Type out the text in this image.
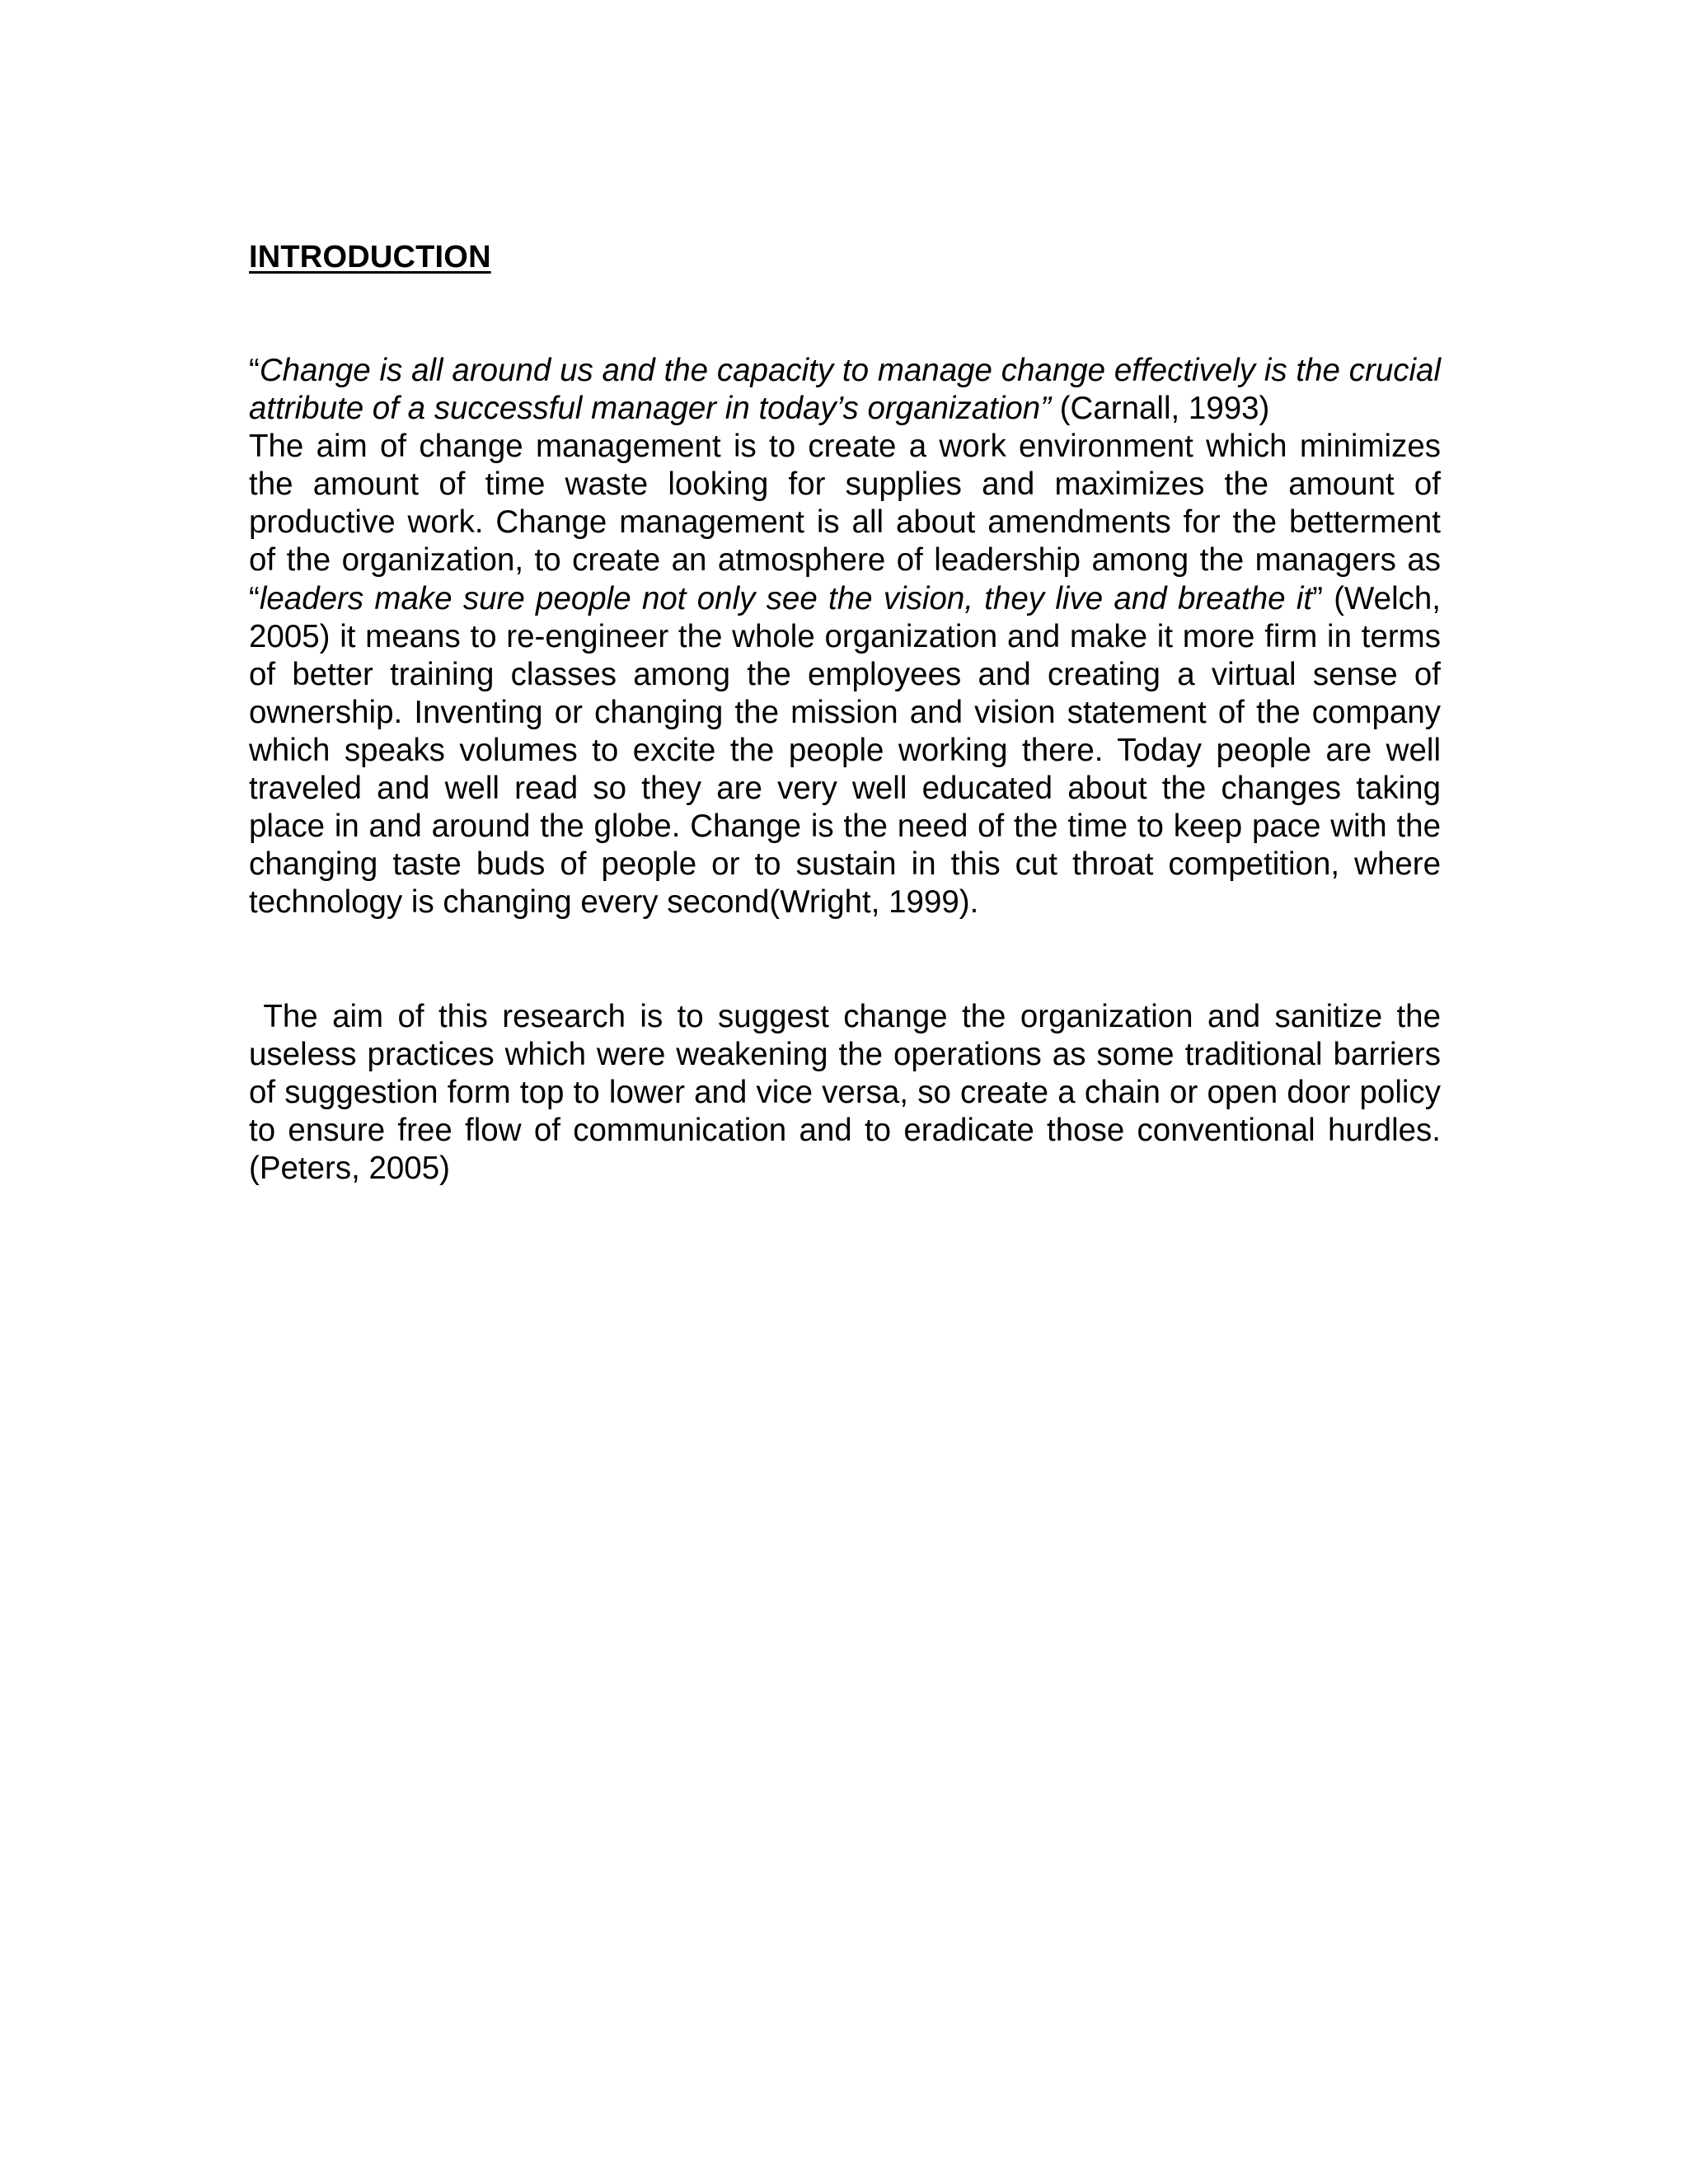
INTRODUCTION

“Change is all around us and the capacity to manage change effectively is the crucial attribute of a successful manager in today’s organization” (Carnall, 1993)
The aim of change management is to create a work environment which minimizes the amount of time waste looking for supplies and maximizes the amount of productive work. Change management is all about amendments for the betterment of the organization, to create an atmosphere of leadership among the managers as “leaders make sure people not only see the vision, they live and breathe it” (Welch, 2005) it means to re-engineer the whole organization and make it more firm in terms of better training classes among the employees and creating a virtual sense of ownership. Inventing or changing the mission and vision statement of the company which speaks volumes to excite the people working there. Today people are well traveled and well read so they are very well educated about the changes taking place in and around the globe. Change is the need of the time to keep pace with the changing taste buds of people or to sustain in this cut throat competition, where technology is changing every second(Wright, 1999).

The aim of this research is to suggest change the organization and sanitize the useless practices which were weakening the operations as some traditional barriers of suggestion form top to lower and vice versa, so create a chain or open door policy to ensure free flow of communication and to eradicate those conventional hurdles. (Peters, 2005)
